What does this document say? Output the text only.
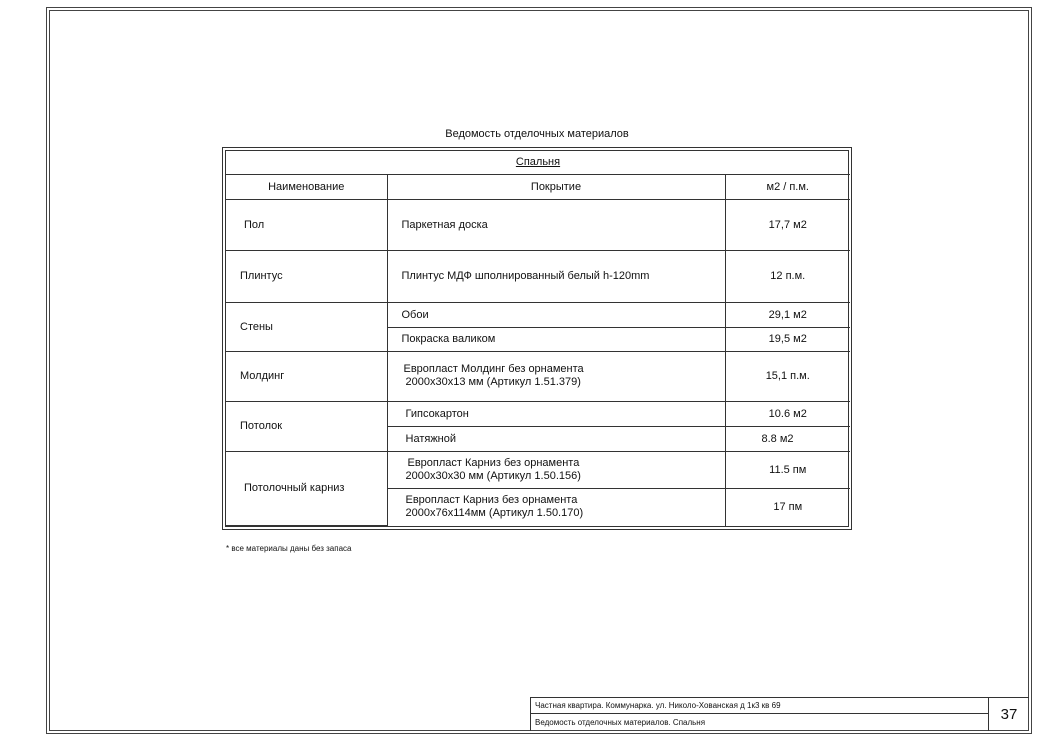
Ведомость отделочных материалов
Спальня		
Наименование	Покрытие	м2 / п.м.
Пол	Паркетная доска	17,7 м2
Плинтус	Плинтус МДФ шполнированный белый h-120mm	12 п.м.
Стены	Обои	29,1 м2
	Покраска валиком	19,5 м2
Молдинг	Европласт Молдинг без орнамента
2000х30х13 мм (Артикул 1.51.379)	15,1 п.м.
Потолок	Гипсокартон	10.6 м2
	Натяжной	8.8 м2
Потолочный карниз	Европласт Карниз без орнамента
2000х30х30 мм (Артикул 1.50.156)	11.5 пм

	Европласт Карниз без орнамента
2000х76х114мм (Артикул 1.50.170)	17 пм
* все материалы даны без запаса
Частная квартира. Коммунарка. ул. Николо-Хованская д 1к3 кв 69
Ведомость отделочных материалов. Спальня	37
